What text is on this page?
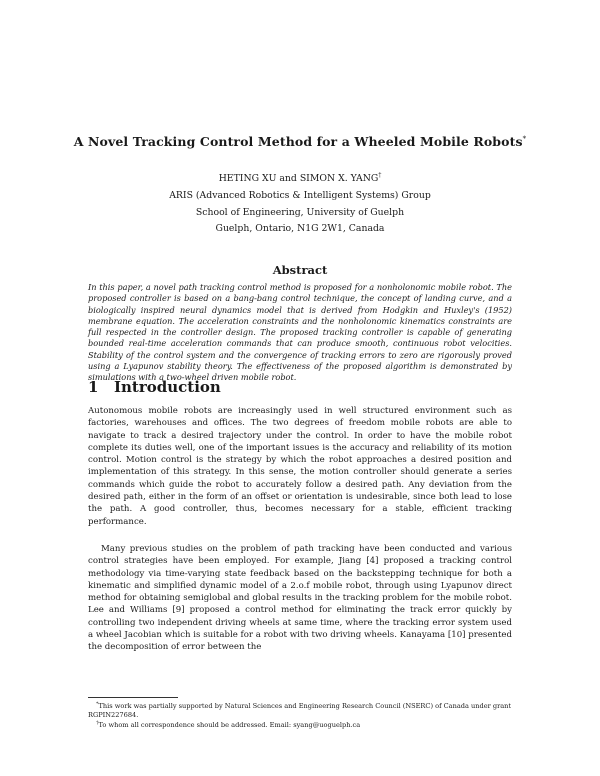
A Novel Tracking Control Method for a Wheeled Mobile Robots*
HETING XU and SIMON X. YANG†
ARIS (Advanced Robotics & Intelligent Systems) Group
School of Engineering, University of Guelph
Guelph, Ontario, N1G 2W1, Canada
Abstract
In this paper, a novel path tracking control method is proposed for a nonholonomic mobile robot. The proposed controller is based on a bang-bang control technique, the concept of landing curve, and a biologically inspired neural dynamics model that is derived from Hodgkin and Huxley's (1952) membrane equation. The acceleration constraints and the nonholonomic kinematics constraints are full respected in the controller design. The proposed tracking controller is capable of generating bounded real-time acceleration commands that can produce smooth, continuous robot velocities. Stability of the control system and the convergence of tracking errors to zero are rigorously proved using a Lyapunov stability theory. The effectiveness of the proposed algorithm is demonstrated by simulations with a two-wheel driven mobile robot.
1 Introduction
Autonomous mobile robots are increasingly used in well structured environment such as factories, warehouses and offices. The two degrees of freedom mobile robots are able to navigate to track a desired trajectory under the control. In order to have the mobile robot complete its duties well, one of the important issues is the accuracy and reliability of its motion control. Motion control is the strategy by which the robot approaches a desired position and implementation of this strategy. In this sense, the motion controller should generate a series commands which guide the robot to accurately follow a desired path. Any deviation from the desired path, either in the form of an offset or orientation is undesirable, since both lead to lose the path. A good controller, thus, becomes necessary for a stable, efficient tracking performance.
Many previous studies on the problem of path tracking have been conducted and various control strategies have been employed. For example, Jiang [4] proposed a tracking control methodology via time-varying state feedback based on the backstepping technique for both a kinematic and simplified dynamic model of a 2.o.f mobile robot, through using Lyapunov direct method for obtaining semiglobal and global results in the tracking problem for the mobile robot. Lee and Williams [9] proposed a control method for eliminating the track error quickly by controlling two independent driving wheels at same time, where the tracking error system used a wheel Jacobian which is suitable for a robot with two driving wheels. Kanayama [10] presented the decomposition of error between the
*This work was partially supported by Natural Sciences and Engineering Research Council (NSERC) of Canada under grant RGPIN227684.
†To whom all correspondence should be addressed. Email: syang@uoguelph.ca
